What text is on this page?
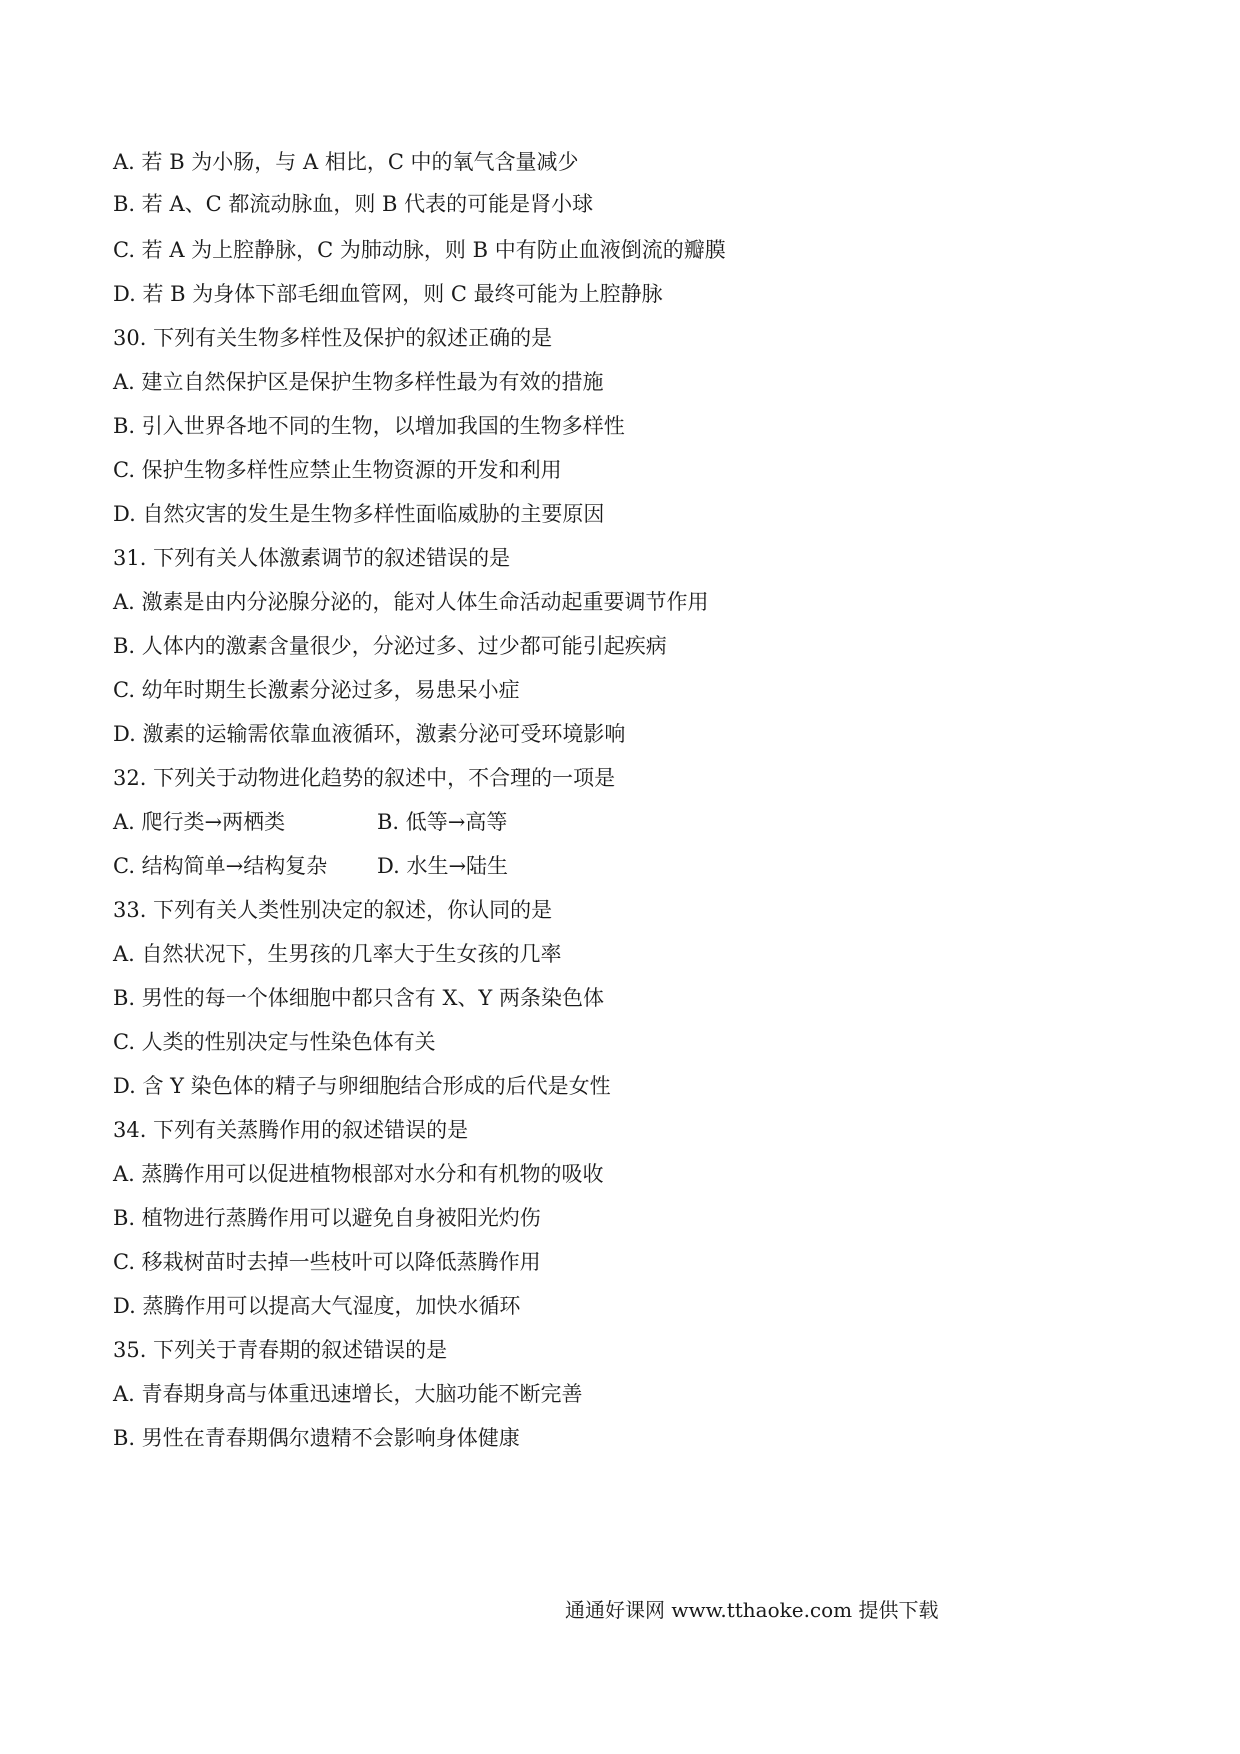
A. 若 B 为小肠，与 A 相比，C 中的氧气含量减少
B. 若 A、C 都流动脉血，则 B 代表的可能是肾小球
C. 若 A 为上腔静脉，C 为肺动脉，则 B 中有防止血液倒流的瓣膜
D. 若 B 为身体下部毛细血管网，则 C 最终可能为上腔静脉
30. 下列有关生物多样性及保护的叙述正确的是
A. 建立自然保护区是保护生物多样性最为有效的措施
B. 引入世界各地不同的生物，以增加我国的生物多样性
C. 保护生物多样性应禁止生物资源的开发和利用
D. 自然灾害的发生是生物多样性面临威胁的主要原因
31. 下列有关人体激素调节的叙述错误的是
A. 激素是由内分泌腺分泌的，能对人体生命活动起重要调节作用
B. 人体内的激素含量很少，分泌过多、过少都可能引起疾病
C. 幼年时期生长激素分泌过多，易患呆小症
D. 激素的运输需依靠血液循环，激素分泌可受环境影响
32. 下列关于动物进化趋势的叙述中，不合理的一项是
A. 爬行类→两栖类	B. 低等→高等
C. 结构简单→结构复杂 D. 水生→陆生
33. 下列有关人类性别决定的叙述，你认同的是
A. 自然状况下，生男孩的几率大于生女孩的几率
B. 男性的每一个体细胞中都只含有 X、Y 两条染色体
C. 人类的性别决定与性染色体有关
D. 含 Y 染色体的精子与卵细胞结合形成的后代是女性
34. 下列有关蒸腾作用的叙述错误的是
A. 蒸腾作用可以促进植物根部对水分和有机物的吸收
B. 植物进行蒸腾作用可以避免自身被阳光灼伤
C. 移栽树苗时去掉一些枝叶可以降低蒸腾作用
D. 蒸腾作用可以提高大气湿度，加快水循环
35. 下列关于青春期的叙述错误的是
A. 青春期身高与体重迅速增长，大脑功能不断完善
B. 男性在青春期偶尔遗精不会影响身体健康
通通好课网 www.tthaoke.com 提供下载
